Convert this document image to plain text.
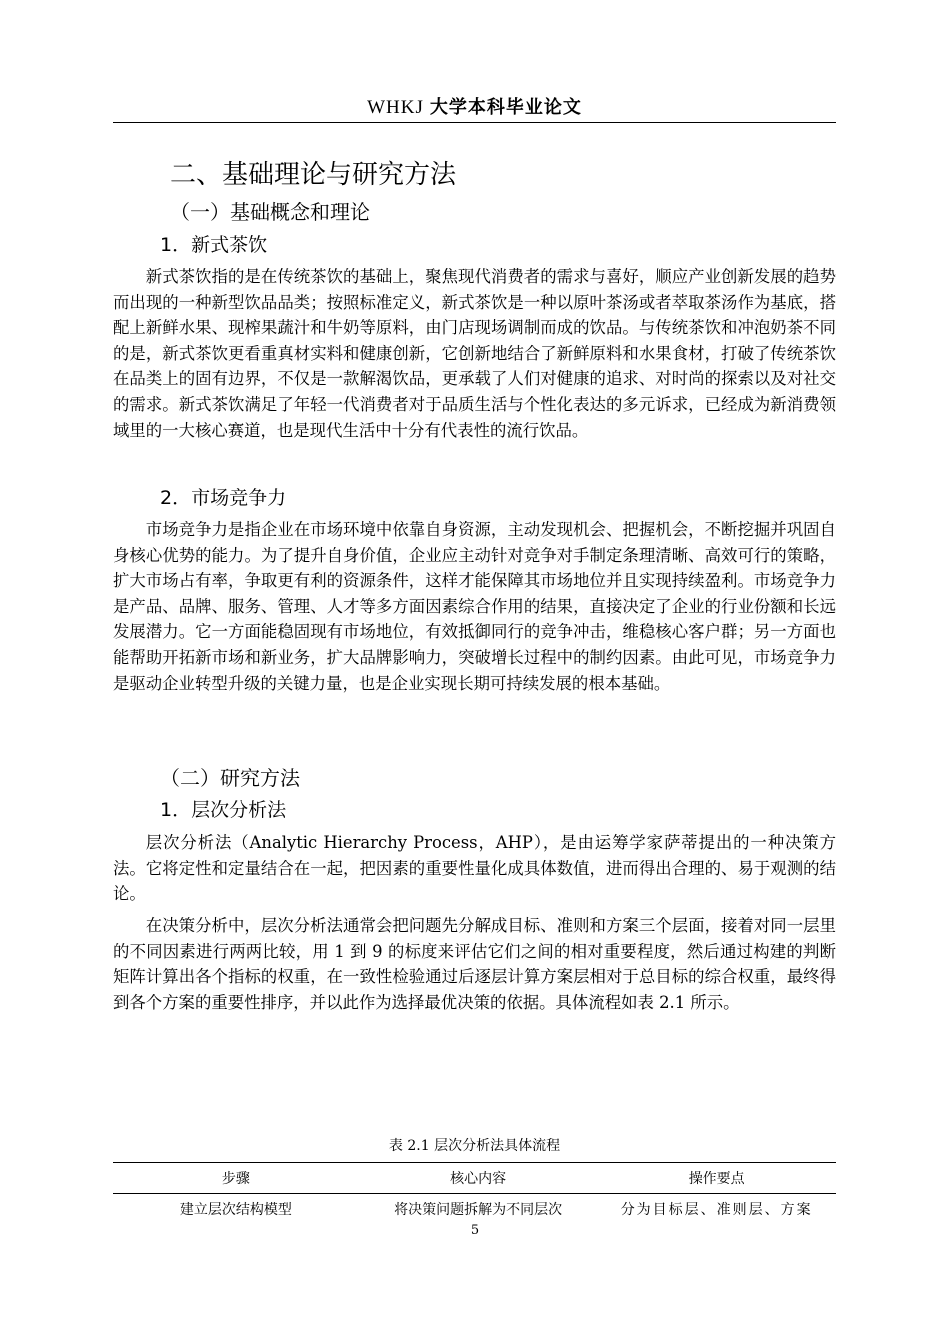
WHKJ 大学本科毕业论文
二、基础理论与研究方法
（一）基础概念和理论
1．新式茶饮

新式茶饮指的是在传统茶饮的基础上，聚焦现代消费者的需求与喜好，顺应产业创新发展的趋势而出现的一种新型饮品品类；按照标准定义，新式茶饮是一种以原叶茶汤或者萃取茶汤作为基底，搭配上新鲜水果、现榨果蔬汁和牛奶等原料，由门店现场调制而成的饮品。与传统茶饮和冲泡奶茶不同的是，新式茶饮更看重真材实料和健康创新，它创新地结合了新鲜原料和水果食材，打破了传统茶饮在品类上的固有边界，不仅是一款解渴饮品，更承载了人们对健康的追求、对时尚的探索以及对社交的需求。新式茶饮满足了年轻一代消费者对于品质生活与个性化表达的多元诉求，已经成为新消费领域里的一大核心赛道，也是现代生活中十分有代表性的流行饮品。

2．市场竞争力

市场竞争力是指企业在市场环境中依靠自身资源，主动发现机会、把握机会，不断挖掘并巩固自身核心优势的能力。为了提升自身价值，企业应主动针对竞争对手制定条理清晰、高效可行的策略，扩大市场占有率，争取更有利的资源条件，这样才能保障其市场地位并且实现持续盈利。市场竞争力是产品、品牌、服务、管理、人才等多方面因素综合作用的结果，直接决定了企业的行业份额和长远发展潜力。它一方面能稳固现有市场地位，有效抵御同行的竞争冲击，维稳核心客户群；另一方面也能帮助开拓新市场和新业务，扩大品牌影响力，突破增长过程中的制约因素。由此可见，市场竞争力是驱动企业转型升级的关键力量，也是企业实现长期可持续发展的根本基础。

（二）研究方法
1．层次分析法

层次分析法（Analytic Hierarchy Process，AHP），是由运筹学家萨蒂提出的一种决策方法。它将定性和定量结合在一起，把因素的重要性量化成具体数值，进而得出合理的、易于观测的结论。

在决策分析中，层次分析法通常会把问题先分解成目标、准则和方案三个层面，接着对同一层里的不同因素进行两两比较，用 1 到 9 的标度来评估它们之间的相对重要程度，然后通过构建的判断矩阵计算出各个指标的权重，在一致性检验通过后逐层计算方案层相对于总目标的综合权重，最终得到各个方案的重要性排序，并以此作为选择最优决策的依据。具体流程如表 2.1 所示。

表 2.1 层次分析法具体流程
步骤	核心内容	操作要点
建立层次结构模型	将决策问题拆解为不同层次	分为目标层、准则层、方案
5
